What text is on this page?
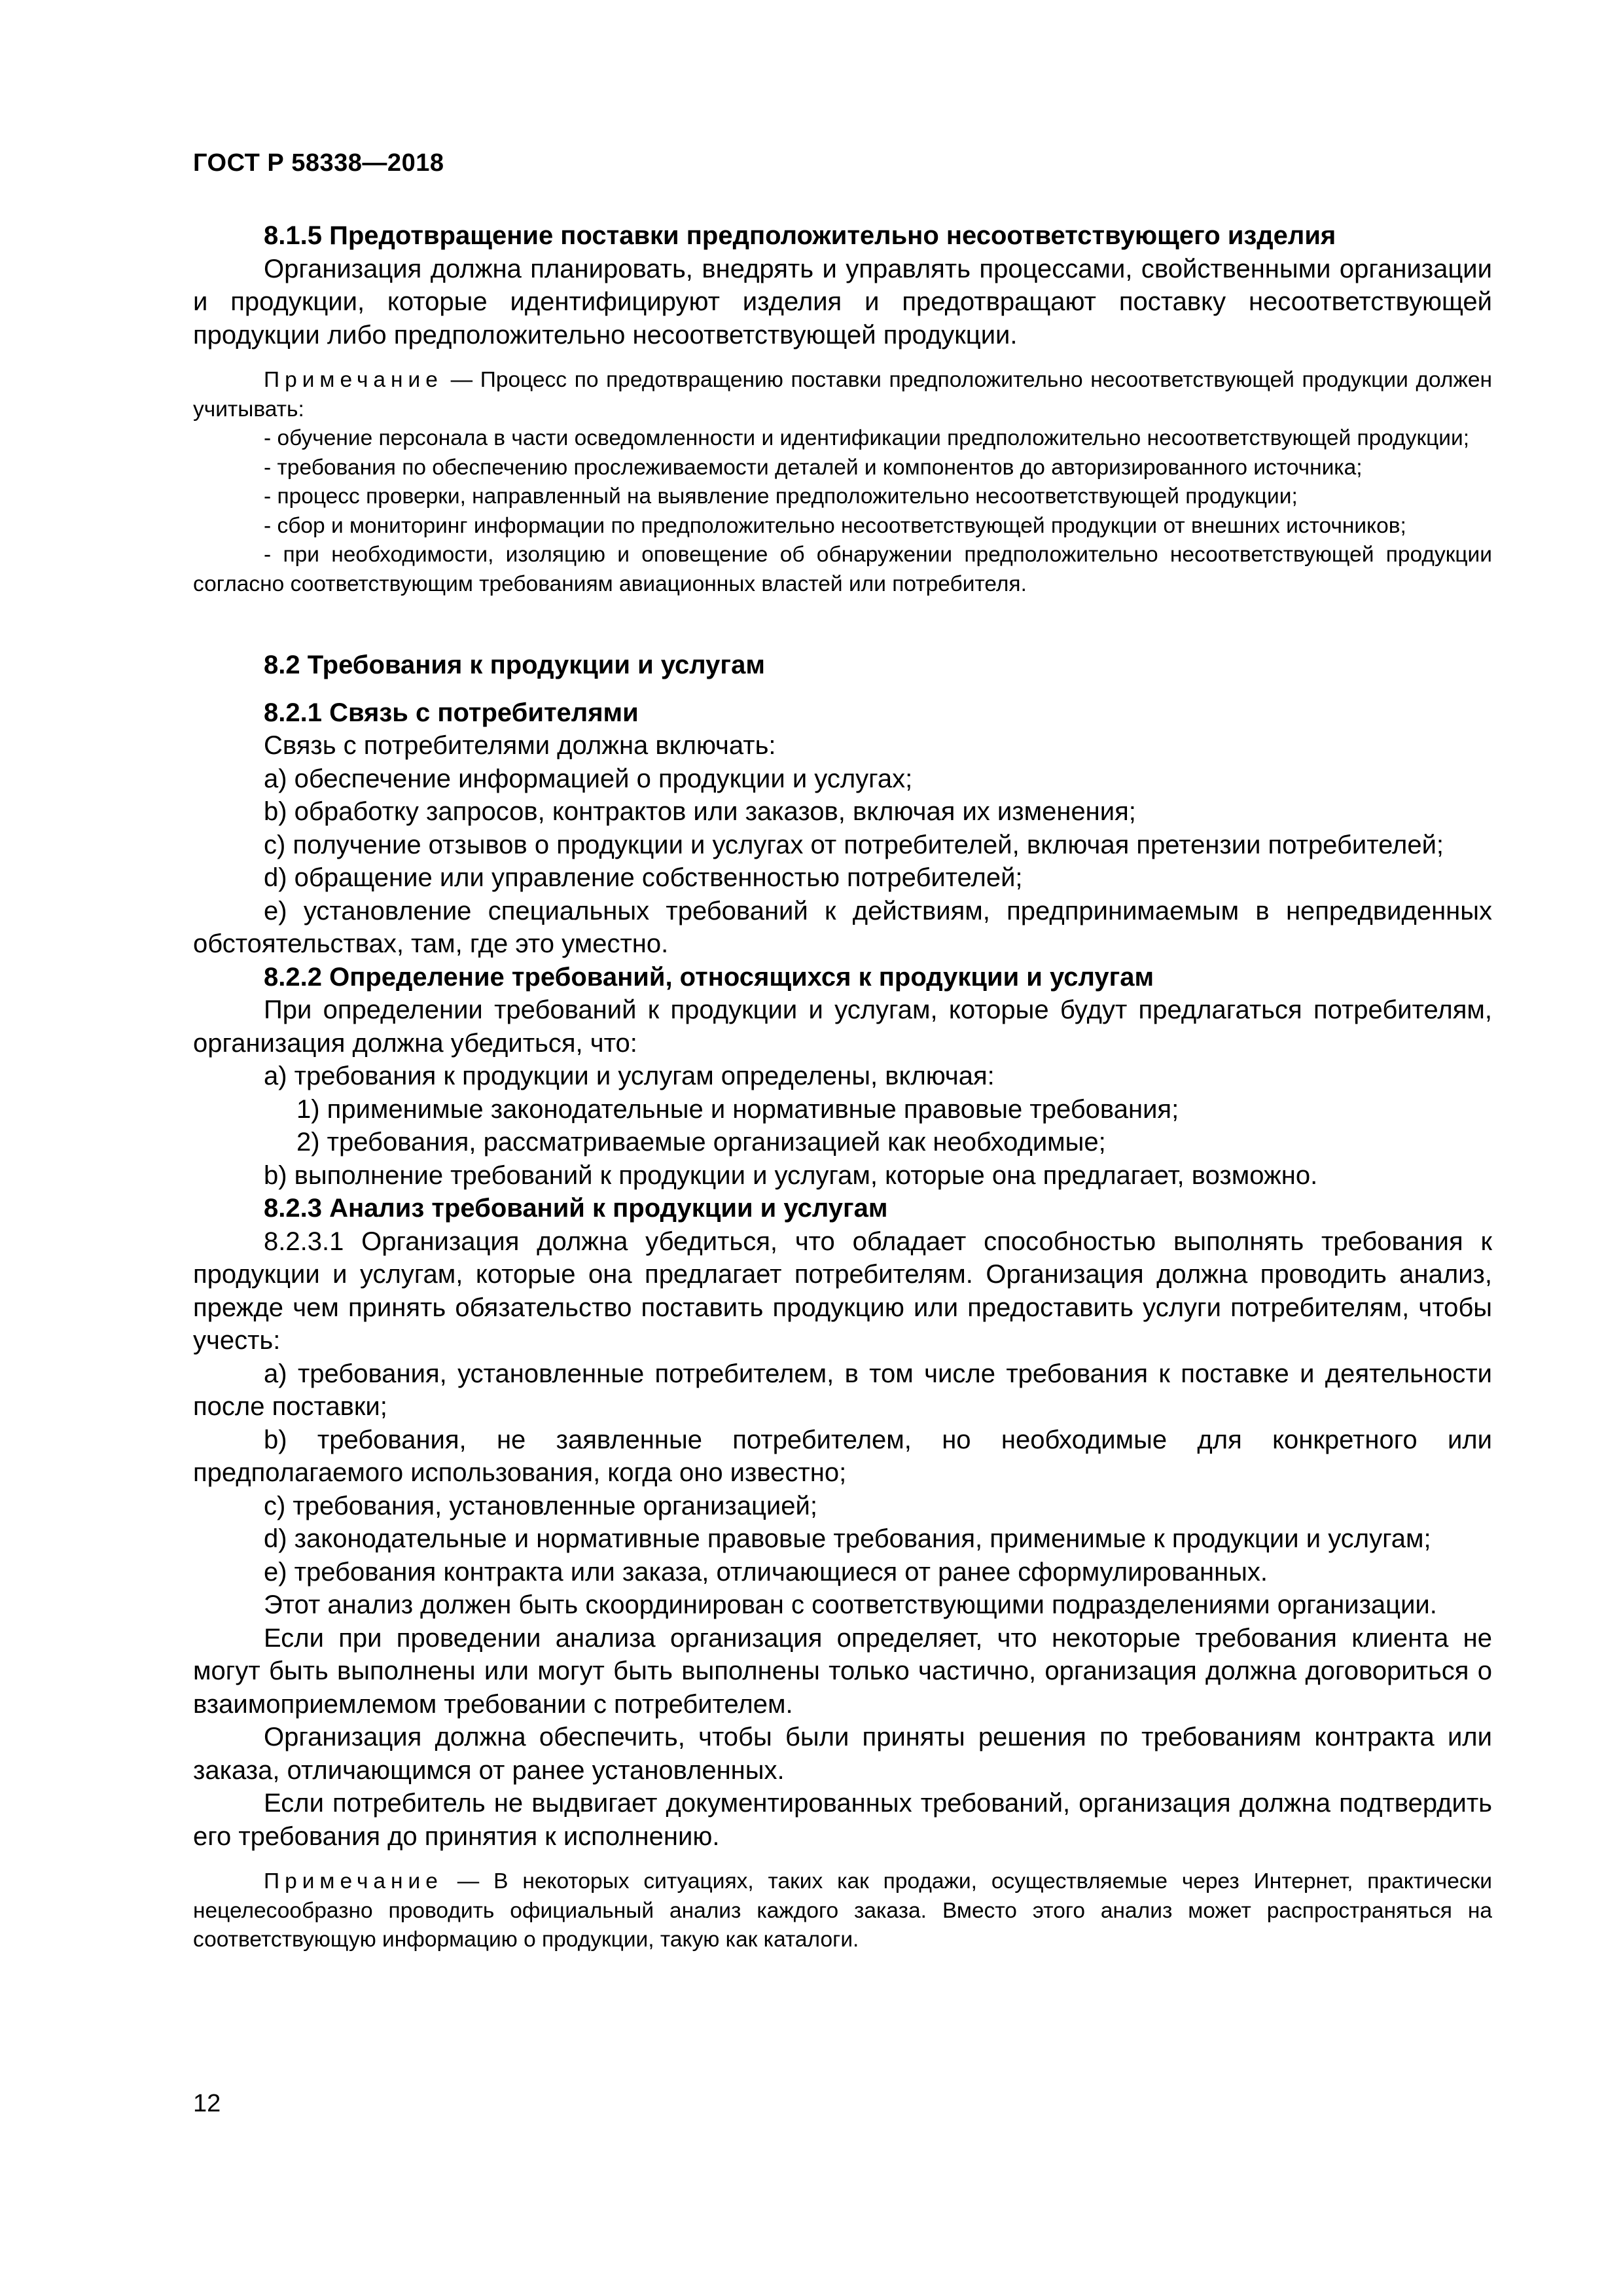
ГОСТ Р 58338—2018

8.1.5 Предотвращение поставки предположительно несоответствующего изделия

Организация должна планировать, внедрять и управлять процессами, свойственными организации и продукции, которые идентифицируют изделия и предотвращают поставку несоответствующей продукции либо предположительно несоответствующей продукции.

Примечание — Процесс по предотвращению поставки предположительно несоответствующей продукции должен учитывать:

- обучение персонала в части осведомленности и идентификации предположительно несоответствующей продукции;

- требования по обеспечению прослеживаемости деталей и компонентов до авторизированного источника;

- процесс проверки, направленный на выявление предположительно несоответствующей продукции;

- сбор и мониторинг информации по предположительно несоответствующей продукции от внешних источников;

- при необходимости, изоляцию и оповещение об обнаружении предположительно несоответствующей продукции согласно соответствующим требованиям авиационных властей или потребителя.

8.2 Требования к продукции и услугам

8.2.1 Связь с потребителями

Связь с потребителями должна включать:

а) обеспечение информацией о продукции и услугах;

b) обработку запросов, контрактов или заказов, включая их изменения;

с) получение отзывов о продукции и услугах от потребителей, включая претензии потребителей;

d) обращение или управление собственностью потребителей;

е) установление специальных требований к действиям, предпринимаемым в непредвиденных обстоятельствах, там, где это уместно.

8.2.2 Определение требований, относящихся к продукции и услугам

При определении требований к продукции и услугам, которые будут предлагаться потребителям, организация должна убедиться, что:

а) требования к продукции и услугам определены, включая:

1) применимые законодательные и нормативные правовые требования;

2) требования, рассматриваемые организацией как необходимые;

b) выполнение требований к продукции и услугам, которые она предлагает, возможно.

8.2.3 Анализ требований к продукции и услугам

8.2.3.1 Организация должна убедиться, что обладает способностью выполнять требования к продукции и услугам, которые она предлагает потребителям. Организация должна проводить анализ, прежде чем принять обязательство поставить продукцию или предоставить услуги потребителям, чтобы учесть:

а) требования, установленные потребителем, в том числе требования к поставке и деятельности после поставки;

b) требования, не заявленные потребителем, но необходимые для конкретного или предполагаемого использования, когда оно известно;

с) требования, установленные организацией;

d) законодательные и нормативные правовые требования, применимые к продукции и услугам;

е) требования контракта или заказа, отличающиеся от ранее сформулированных.

Этот анализ должен быть скоординирован с соответствующими подразделениями организации.

Если при проведении анализа организация определяет, что некоторые требования клиента не могут быть выполнены или могут быть выполнены только частично, организация должна договориться о взаимоприемлемом требовании с потребителем.

Организация должна обеспечить, чтобы были приняты решения по требованиям контракта или заказа, отличающимся от ранее установленных.

Если потребитель не выдвигает документированных требований, организация должна подтвердить его требования до принятия к исполнению.

Примечание — В некоторых ситуациях, таких как продажи, осуществляемые через Интернет, практически нецелесообразно проводить официальный анализ каждого заказа. Вместо этого анализ может распространяться на соответствующую информацию о продукции, такую как каталоги.

12
